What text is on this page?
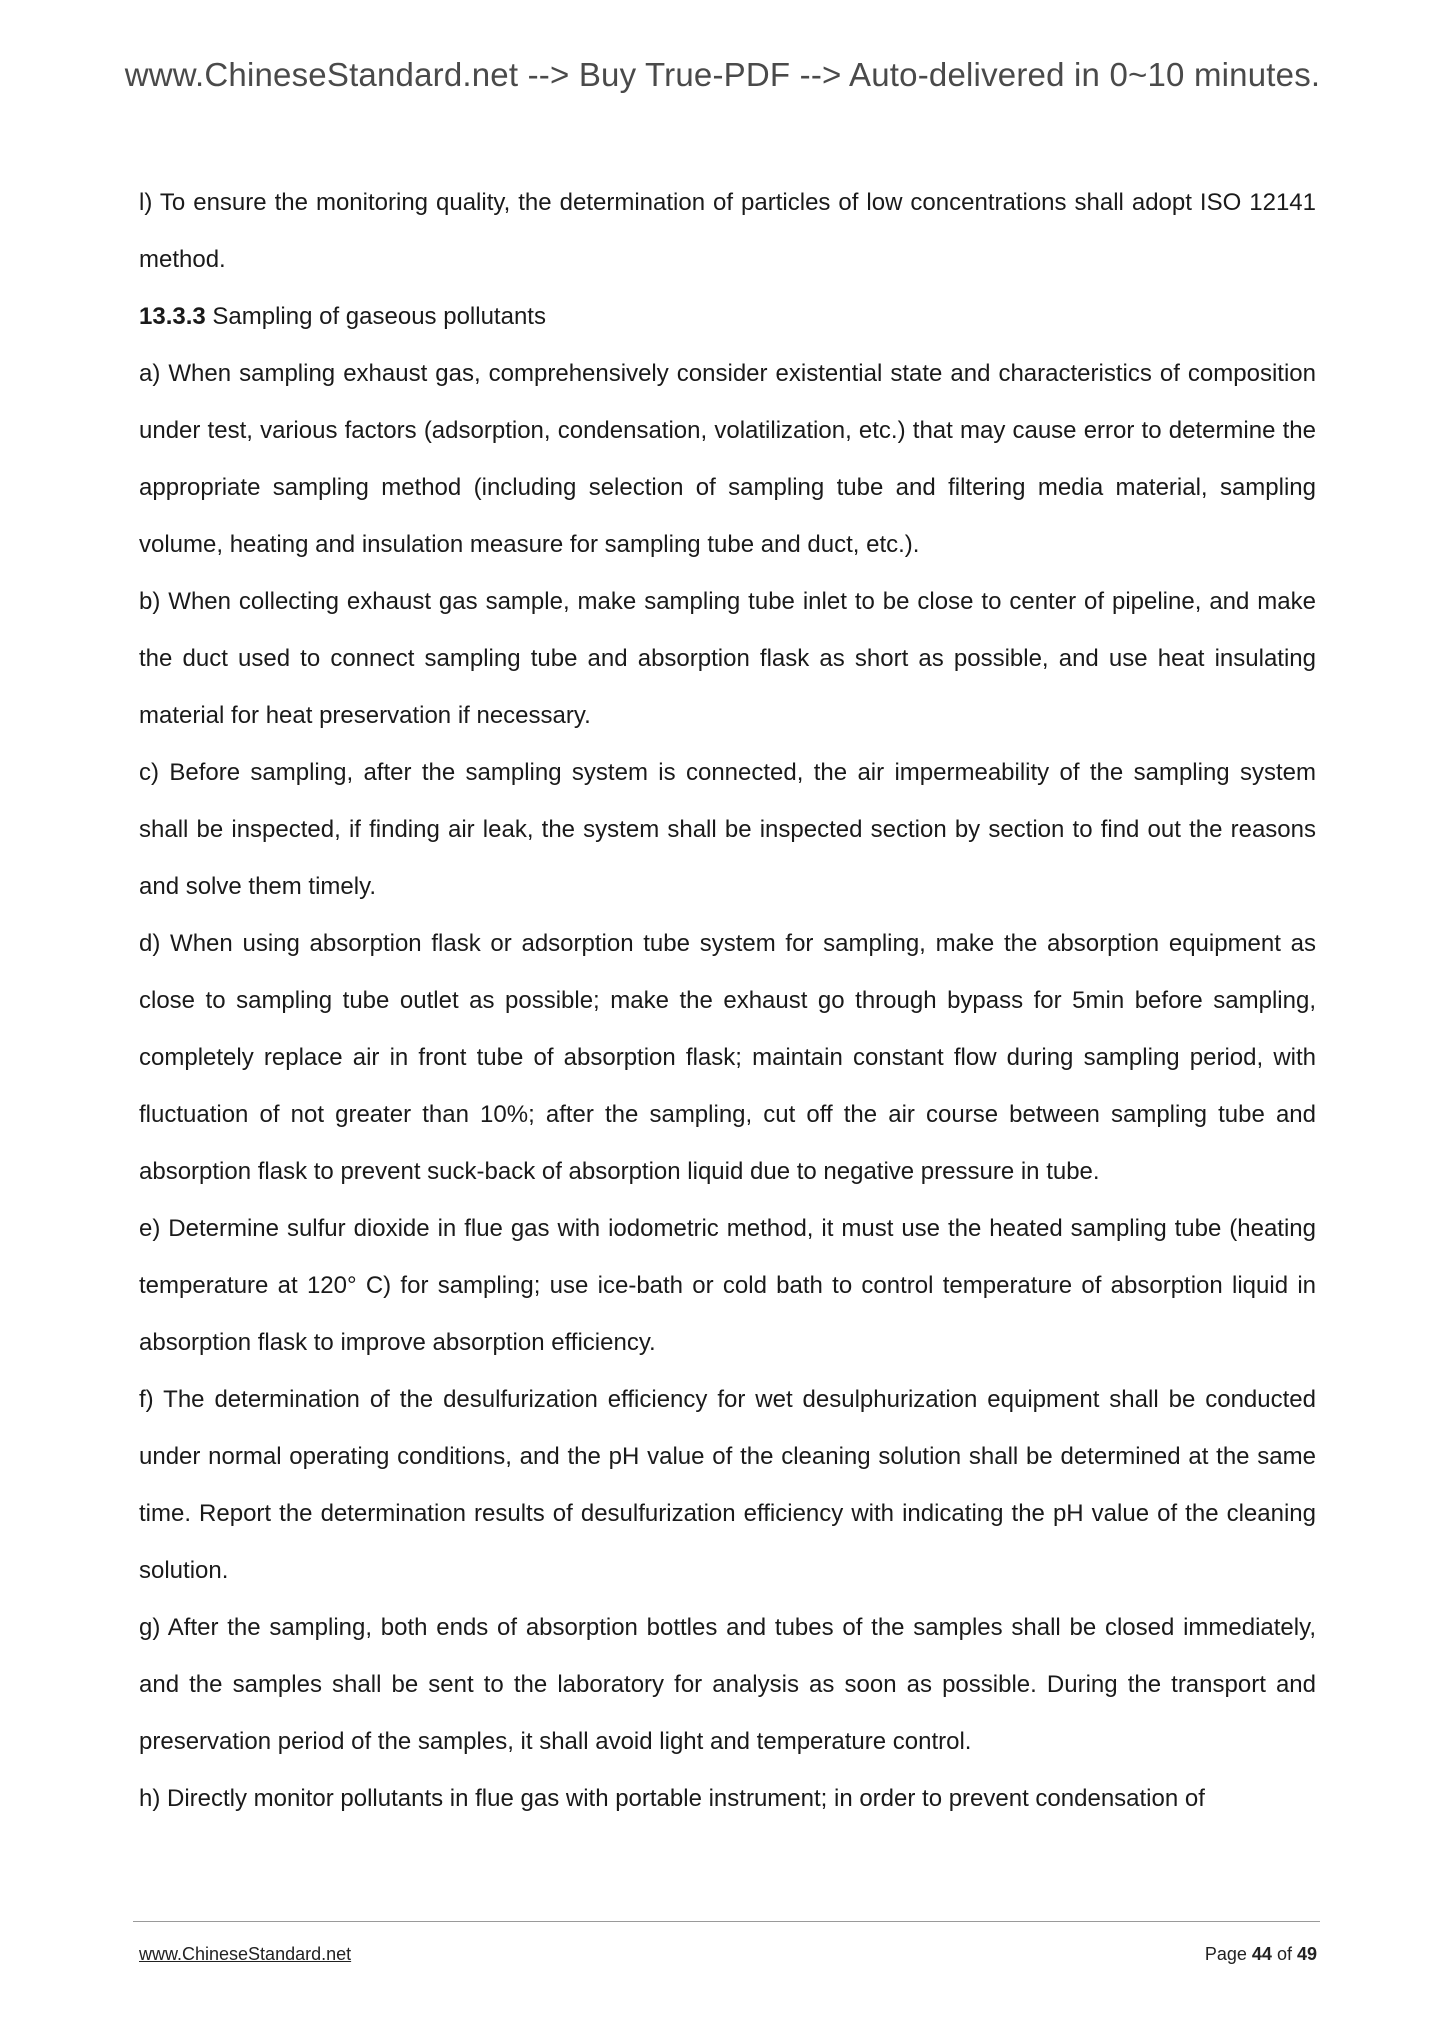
www.ChineseStandard.net --> Buy True-PDF --> Auto-delivered in 0~10 minutes.

l) To ensure the monitoring quality, the determination of particles of low concentrations shall adopt ISO 12141 method.

13.3.3 Sampling of gaseous pollutants

a) When sampling exhaust gas, comprehensively consider existential state and characteristics of composition under test, various factors (adsorption, condensation, volatilization, etc.) that may cause error to determine the appropriate sampling method (including selection of sampling tube and filtering media material, sampling volume, heating and insulation measure for sampling tube and duct, etc.).

b) When collecting exhaust gas sample, make sampling tube inlet to be close to center of pipeline, and make the duct used to connect sampling tube and absorption flask as short as possible, and use heat insulating material for heat preservation if necessary.

c) Before sampling, after the sampling system is connected, the air impermeability of the sampling system shall be inspected, if finding air leak, the system shall be inspected section by section to find out the reasons and solve them timely.

d) When using absorption flask or adsorption tube system for sampling, make the absorption equipment as close to sampling tube outlet as possible; make the exhaust go through bypass for 5min before sampling, completely replace air in front tube of absorption flask; maintain constant flow during sampling period, with fluctuation of not greater than 10%; after the sampling, cut off the air course between sampling tube and absorption flask to prevent suck-back of absorption liquid due to negative pressure in tube.

e) Determine sulfur dioxide in flue gas with iodometric method, it must use the heated sampling tube (heating temperature at 120° C) for sampling; use ice-bath or cold bath to control temperature of absorption liquid in absorption flask to improve absorption efficiency.

f) The determination of the desulfurization efficiency for wet desulphurization equipment shall be conducted under normal operating conditions, and the pH value of the cleaning solution shall be determined at the same time. Report the determination results of desulfurization efficiency with indicating the pH value of the cleaning solution.

g) After the sampling, both ends of absorption bottles and tubes of the samples shall be closed immediately, and the samples shall be sent to the laboratory for analysis as soon as possible. During the transport and preservation period of the samples, it shall avoid light and temperature control.

h) Directly monitor pollutants in flue gas with portable instrument; in order to prevent condensation of

www.ChineseStandard.net	Page 44 of 49
